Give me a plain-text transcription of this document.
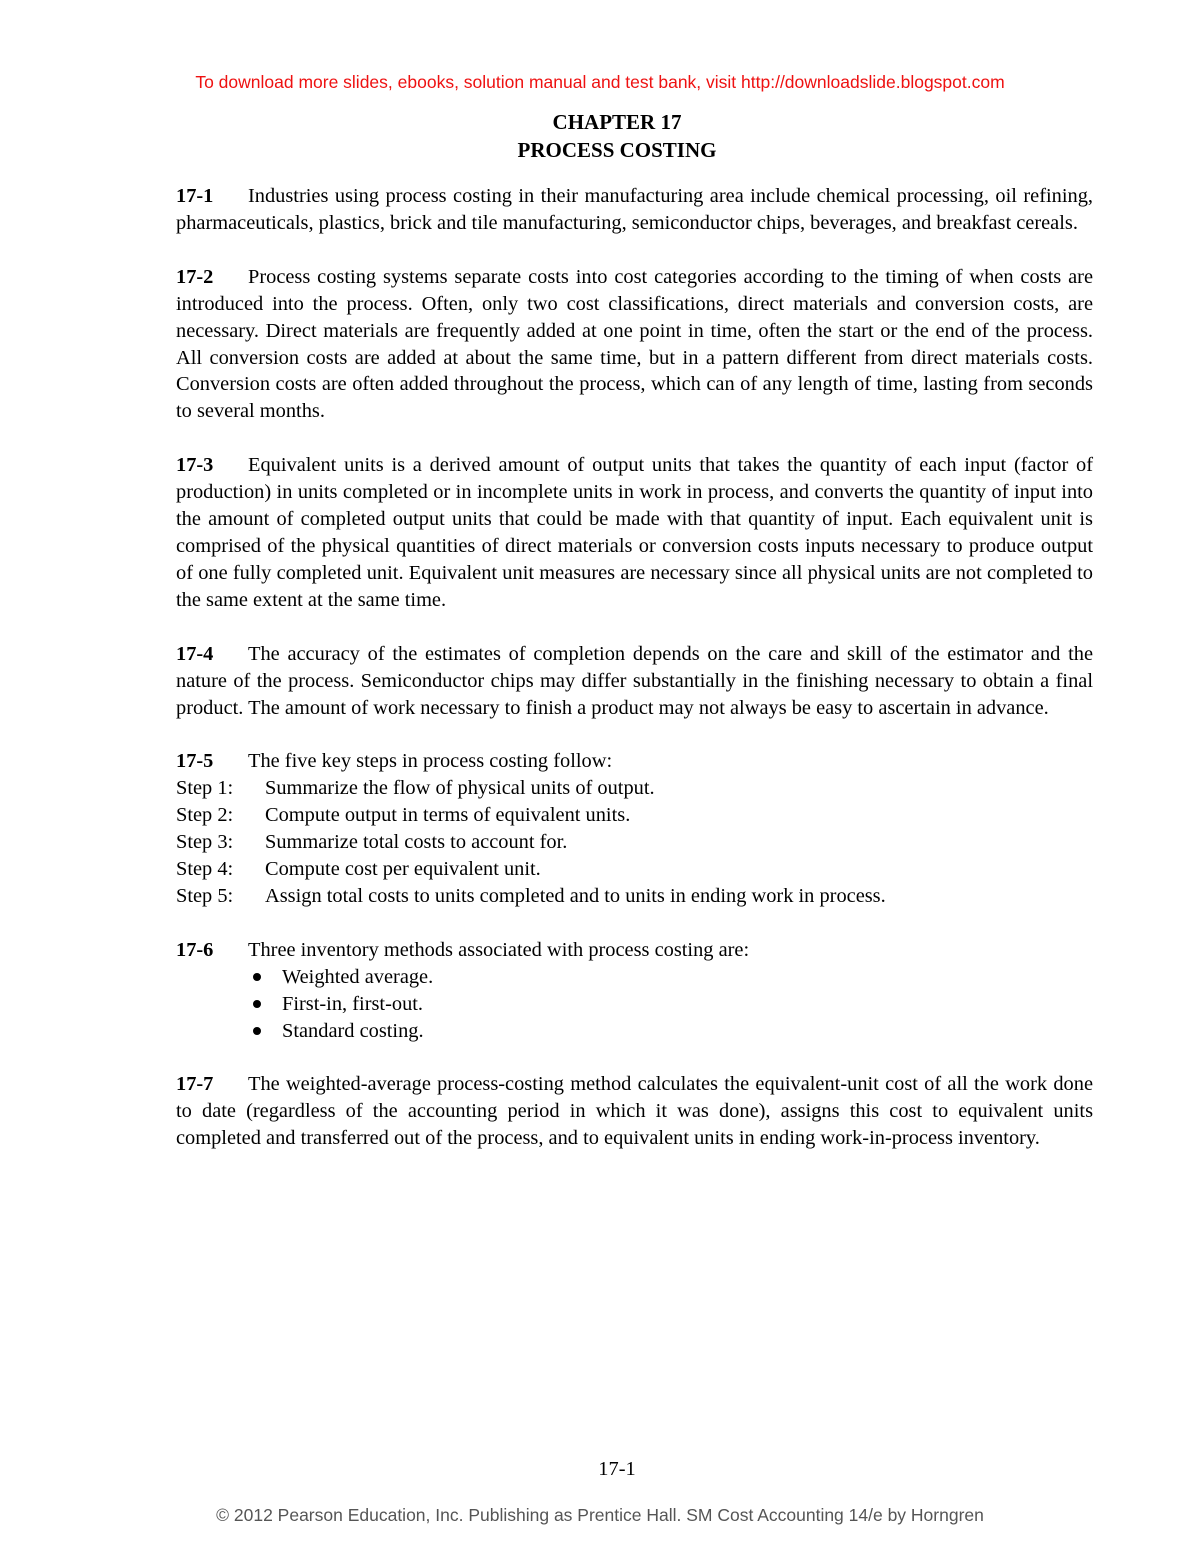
To download more slides, ebooks, solution manual and test bank, visit http://downloadslide.blogspot.com
CHAPTER 17
PROCESS COSTING

17-1 Industries using process costing in their manufacturing area include chemical processing, oil refining, pharmaceuticals, plastics, brick and tile manufacturing, semiconductor chips, beverages, and breakfast cereals.

17-2 Process costing systems separate costs into cost categories according to the timing of when costs are introduced into the process. Often, only two cost classifications, direct materials and conversion costs, are necessary. Direct materials are frequently added at one point in time, often the start or the end of the process. All conversion costs are added at about the same time, but in a pattern different from direct materials costs. Conversion costs are often added throughout the process, which can of any length of time, lasting from seconds to several months.

17-3 Equivalent units is a derived amount of output units that takes the quantity of each input (factor of production) in units completed or in incomplete units in work in process, and converts the quantity of input into the amount of completed output units that could be made with that quantity of input. Each equivalent unit is comprised of the physical quantities of direct materials or conversion costs inputs necessary to produce output of one fully completed unit. Equivalent unit measures are necessary since all physical units are not completed to the same extent at the same time.

17-4 The accuracy of the estimates of completion depends on the care and skill of the estimator and the nature of the process. Semiconductor chips may differ substantially in the finishing necessary to obtain a final product. The amount of work necessary to finish a product may not always be easy to ascertain in advance.

17-5 The five key steps in process costing follow:

Step 1:	Summarize the flow of physical units of output.
Step 2:	Compute output in terms of equivalent units.
Step 3:	Summarize total costs to account for.
Step 4:	Compute cost per equivalent unit.
Step 5:	Assign total costs to units completed and to units in ending work in process.

17-6 Three inventory methods associated with process costing are:

Weighted average.
First-in, first-out.
Standard costing.

17-7 The weighted-average process-costing method calculates the equivalent-unit cost of all the work done to date (regardless of the accounting period in which it was done), assigns this cost to equivalent units completed and transferred out of the process, and to equivalent units in ending work-in-process inventory.

17-1
© 2012 Pearson Education, Inc. Publishing as Prentice Hall. SM Cost Accounting 14/e by Horngren
